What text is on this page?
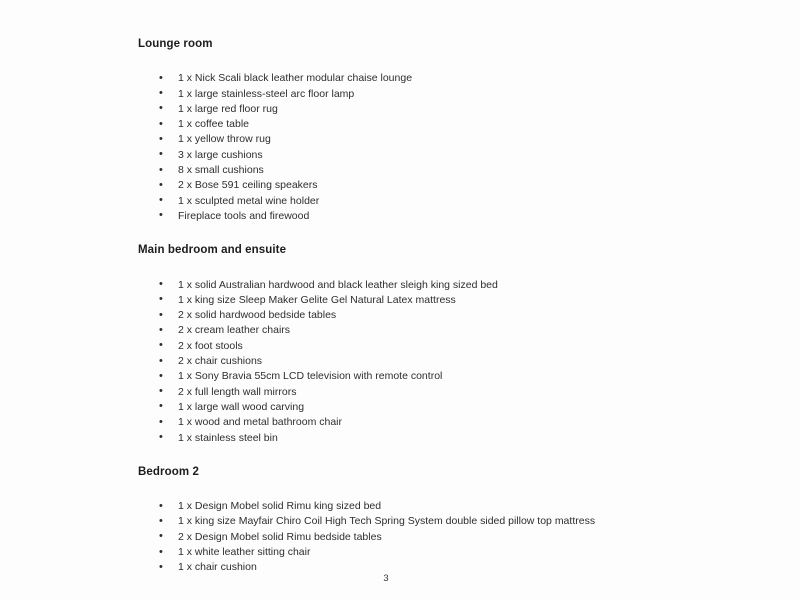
Lounge room
• 1 x Nick Scali black leather modular chaise lounge
• 1 x large stainless-steel arc floor lamp
• 1 x large red floor rug
• 1 x coffee table
• 1 x yellow throw rug
• 3 x large cushions
• 8 x small cushions
• 2 x Bose 591 ceiling speakers
• 1 x sculpted metal wine holder
• Fireplace tools and firewood
Main bedroom and ensuite
• 1 x solid Australian hardwood and black leather sleigh king sized bed
• 1 x king size Sleep Maker Gelite Gel Natural Latex mattress
• 2 x solid hardwood bedside tables
• 2 x cream leather chairs
• 2 x foot stools
• 2 x chair cushions
• 1 x Sony Bravia 55cm LCD television with remote control
• 2 x full length wall mirrors
• 1 x large wall wood carving
• 1 x wood and metal bathroom chair
• 1 x stainless steel bin
Bedroom 2
• 1 x Design Mobel solid Rimu king sized bed
• 1 x king size Mayfair Chiro Coil High Tech Spring System double sided pillow top mattress
• 2 x Design Mobel solid Rimu bedside tables
• 1 x white leather sitting chair
• 1 x chair cushion
3
